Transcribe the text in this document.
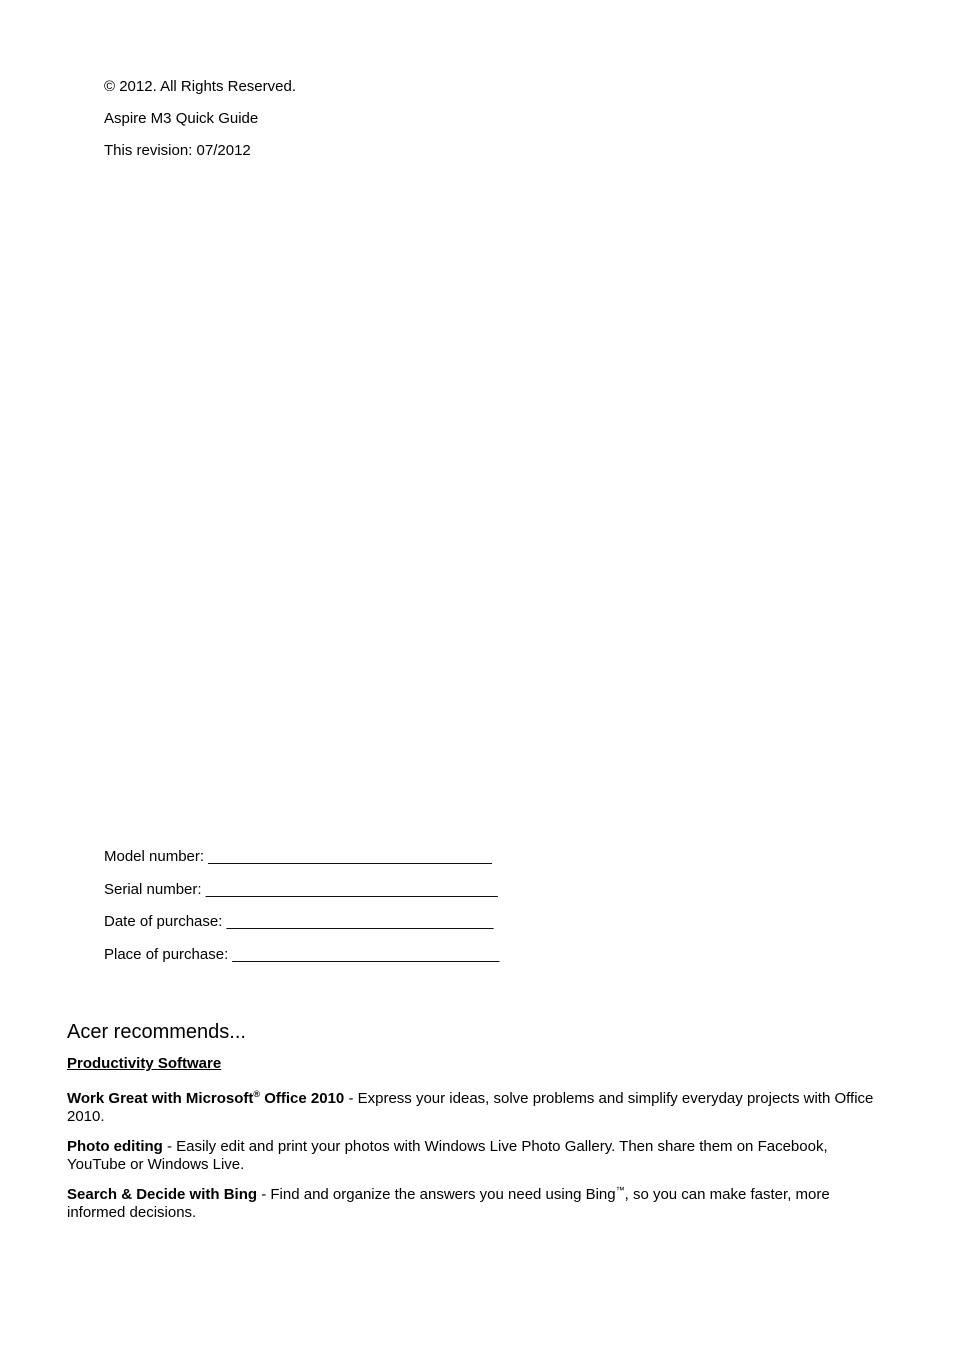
© 2012. All Rights Reserved.

Aspire M3 Quick Guide

This revision: 07/2012

Model number: __________________________________

Serial number: ___________________________________

Date of purchase: ________________________________

Place of purchase: ________________________________

Acer recommends...

Productivity Software

Work Great with Microsoft® Office 2010 - Express your ideas, solve problems and simplify everyday projects with Office 2010.

Photo editing - Easily edit and print your photos with Windows Live Photo Gallery. Then share them on Facebook, YouTube or Windows Live.

Search & Decide with Bing - Find and organize the answers you need using Bing™, so you can make faster, more informed decisions.
